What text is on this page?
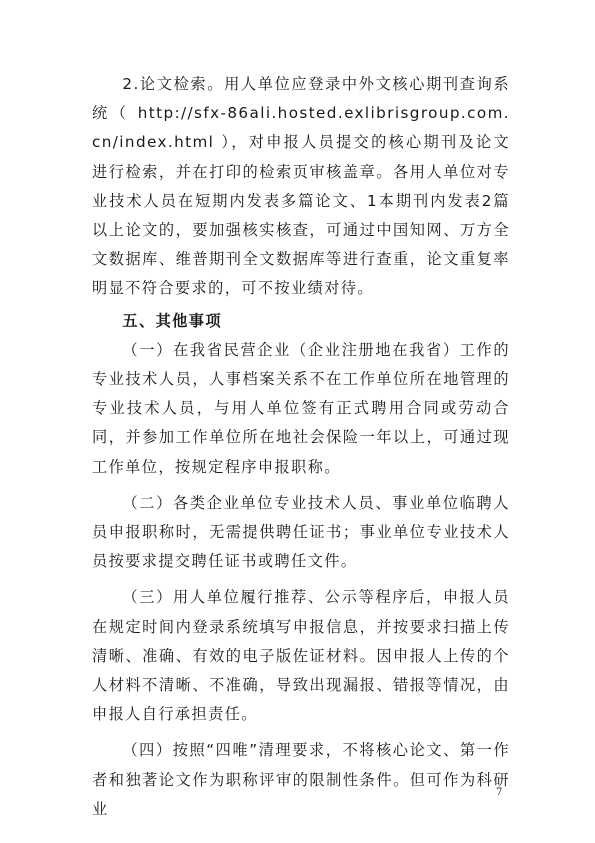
2.论文检索。用人单位应登录中外文核心期刊查询系统（ http://sfx-86ali.hosted.exlibrisgroup.com.cn/index.html ），对申报人员提交的核心期刊及论文进行检索，并在打印的检索页审核盖章。各用人单位对专业技术人员在短期内发表多篇论文、1本期刊内发表2篇以上论文的，要加强核实核查，可通过中国知网、万方全文数据库、维普期刊全文数据库等进行查重，论文重复率明显不符合要求的，可不按业绩对待。

五、其他事项

（一）在我省民营企业（企业注册地在我省）工作的专业技术人员，人事档案关系不在工作单位所在地管理的专业技术人员，与用人单位签有正式聘用合同或劳动合同，并参加工作单位所在地社会保险一年以上，可通过现工作单位，按规定程序申报职称。

（二）各类企业单位专业技术人员、事业单位临聘人员申报职称时，无需提供聘任证书；事业单位专业技术人员按要求提交聘任证书或聘任文件。

（三）用人单位履行推荐、公示等程序后，申报人员在规定时间内登录系统填写申报信息，并按要求扫描上传清晰、准确、有效的电子版佐证材料。因申报人上传的个人材料不清晰、不准确，导致出现漏报、错报等情况，由申报人自行承担责任。

（四）按照“四唯”清理要求，不将核心论文、第一作者和独著论文作为职称评审的限制性条件。但可作为科研业

7
